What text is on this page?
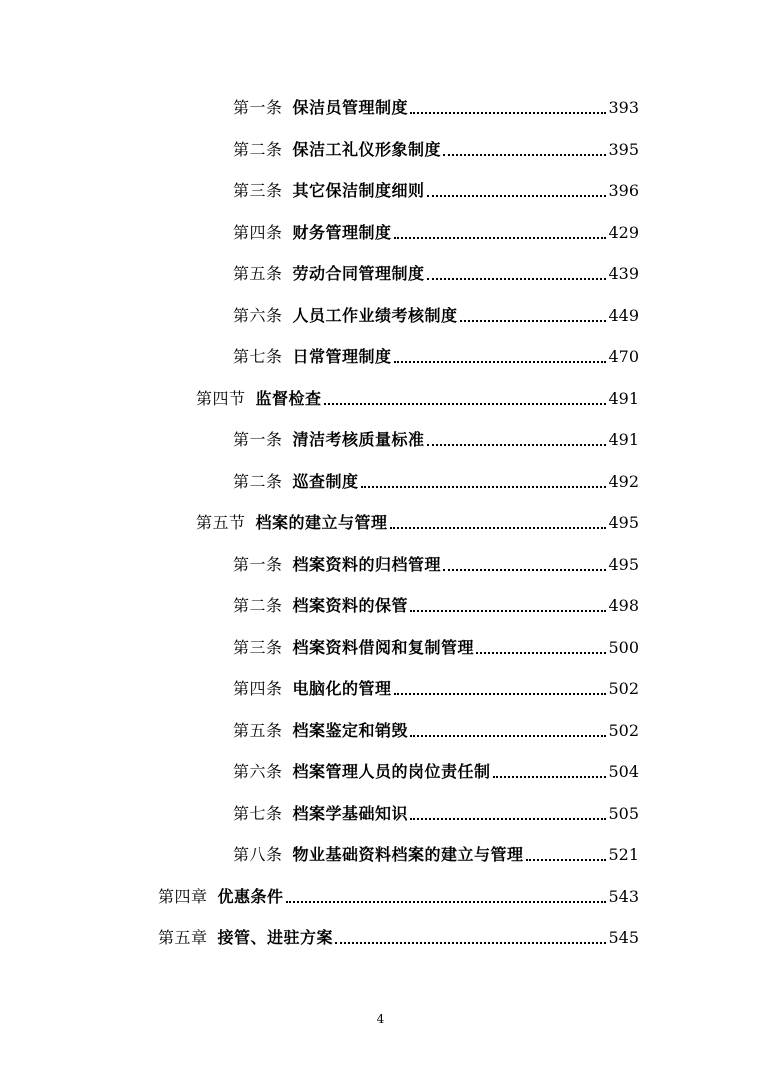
第一条 保洁员管理制度	393
第二条 保洁工礼仪形象制度	395
第三条 其它保洁制度细则	396
第四条 财务管理制度	429
第五条 劳动合同管理制度	439
第六条 人员工作业绩考核制度	449
第七条 日常管理制度	470
第四节 监督检查	491
第一条 清洁考核质量标准	491
第二条 巡查制度	492
第五节 档案的建立与管理	495
第一条 档案资料的归档管理	495
第二条 档案资料的保管	498
第三条 档案资料借阅和复制管理	500
第四条 电脑化的管理	502
第五条 档案鉴定和销毁	502
第六条 档案管理人员的岗位责任制	504
第七条 档案学基础知识	505
第八条 物业基础资料档案的建立与管理	521
第四章 优惠条件	543
第五章 接管、进驻方案	545
4
